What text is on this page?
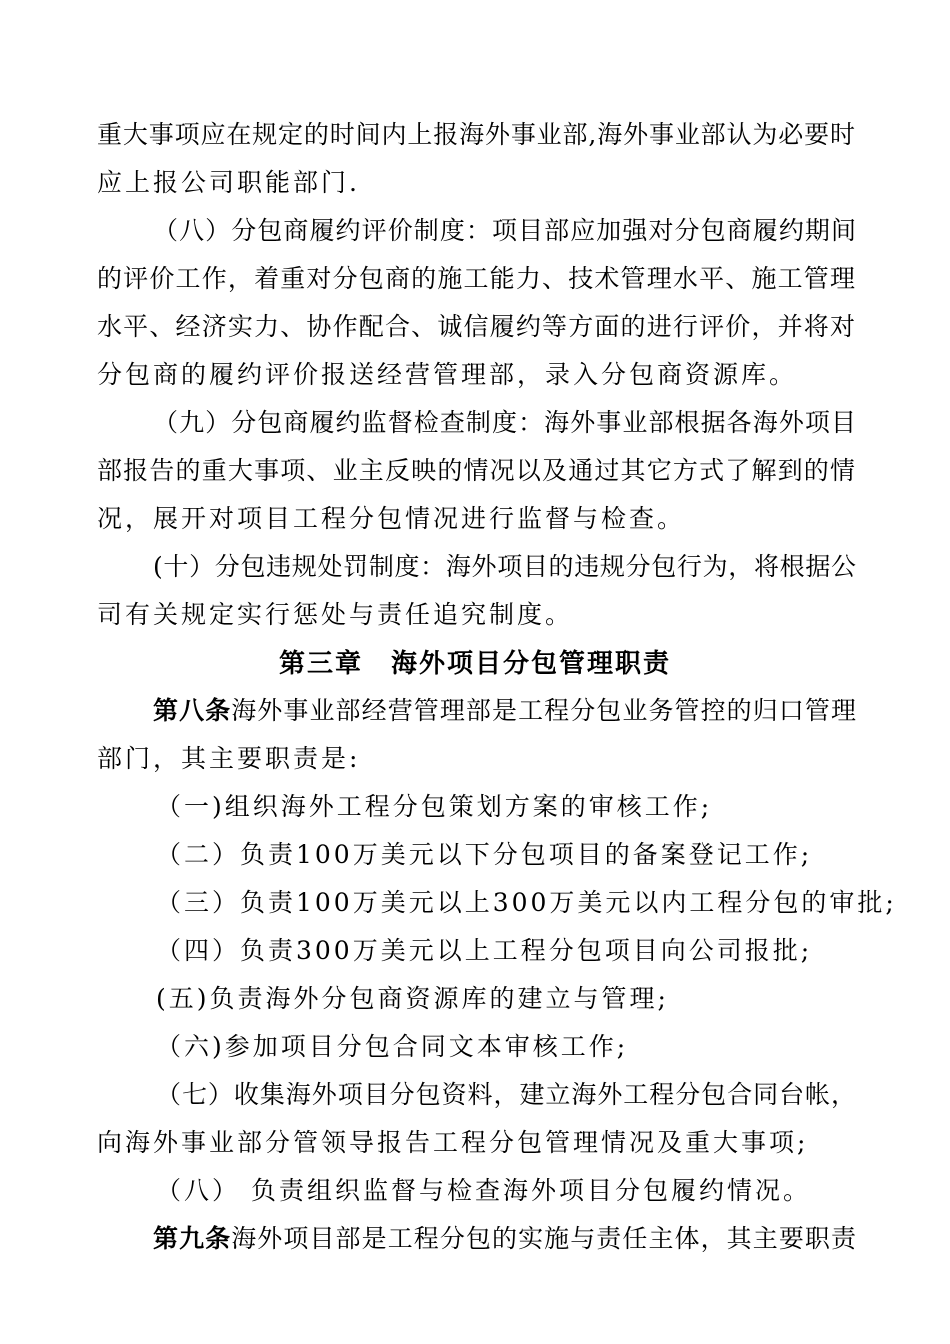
重大事项应在规定的时间内上报海外事业部,海外事业部认为必要时

应上报公司职能部门.

（八）分包商履约评价制度：项目部应加强对分包商履约期间

的评价工作，着重对分包商的施工能力、技术管理水平、施工管理

水平、经济实力、协作配合、诚信履约等方面的进行评价，并将对

分包商的履约评价报送经营管理部，录入分包商资源库。

（九）分包商履约监督检查制度：海外事业部根据各海外项目

部报告的重大事项、业主反映的情况以及通过其它方式了解到的情

况，展开对项目工程分包情况进行监督与检查。

(十）分包违规处罚制度：海外项目的违规分包行为，将根据公

司有关规定实行惩处与责任追究制度。

第三章　海外项目分包管理职责
第八条海外事业部经营管理部是工程分包业务管控的归口管理

部门，其主要职责是:

（一)组织海外工程分包策划方案的审核工作;

（二）负责100万美元以下分包项目的备案登记工作;

（三）负责100万美元以上300万美元以内工程分包的审批;

（四）负责300万美元以上工程分包项目向公司报批;

(五)负责海外分包商资源库的建立与管理;

（六)参加项目分包合同文本审核工作;

（七）收集海外项目分包资料，建立海外工程分包合同台帐，

向海外事业部分管领导报告工程分包管理情况及重大事项;

（八） 负责组织监督与检查海外项目分包履约情况。

第九条海外项目部是工程分包的实施与责任主体，其主要职责
